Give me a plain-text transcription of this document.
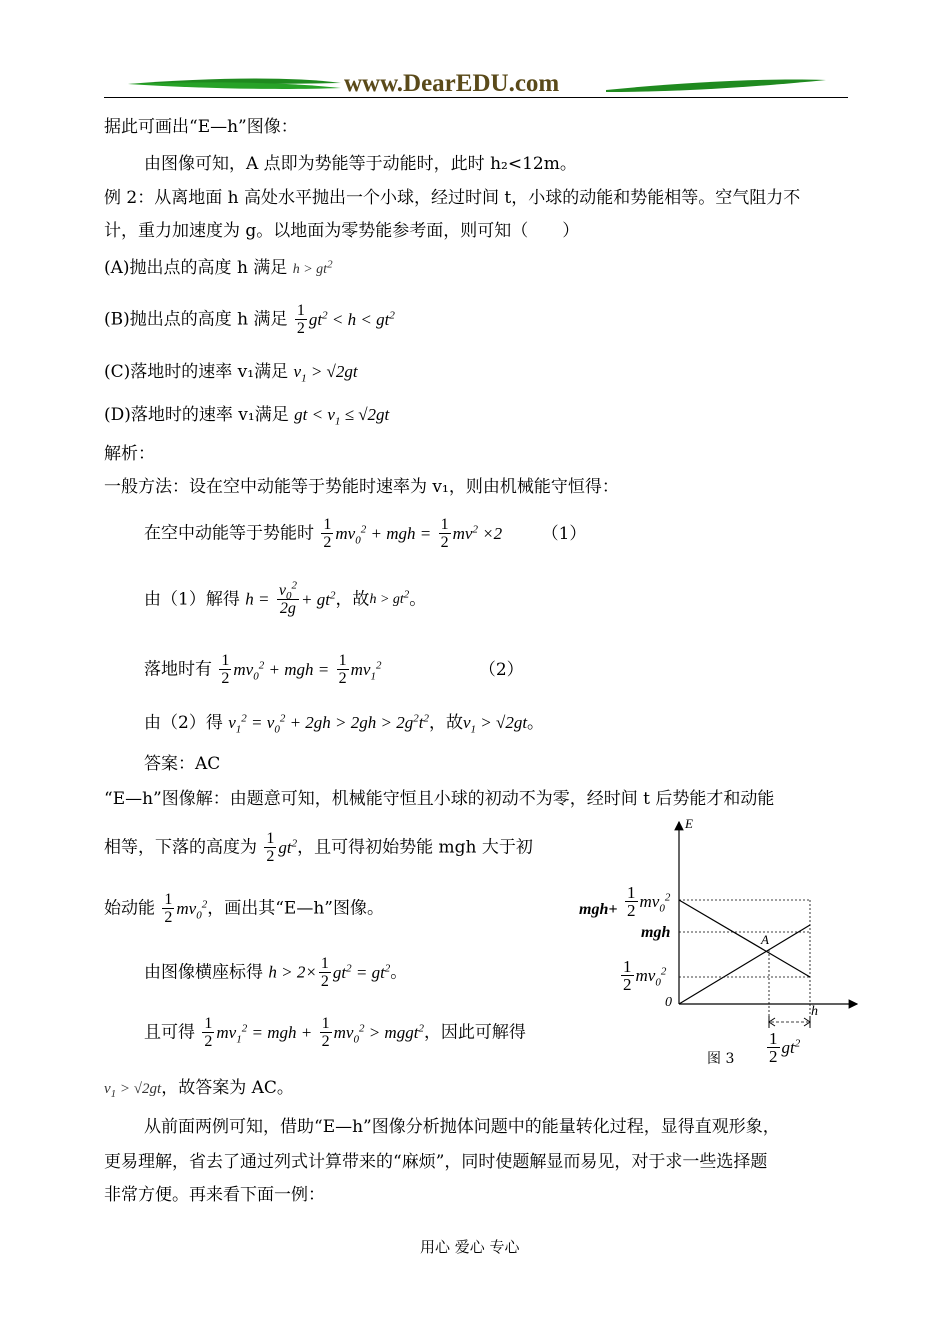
www.DearEDU.com
据此可画出“E—h”图像：
由图像可知，A 点即为势能等于动能时，此时 h₂<12m。
例 2：从离地面 h 高处水平抛出一个小球，经过时间 t，小球的动能和势能相等。空气阻力不
计，重力加速度为 g。以地面为零势能参考面，则可知（　　）
(A)抛出点的高度 h 满足 $h > gt^2$
(B)抛出点的高度 h 满足 $\frac{1}{2} gt^2 < h < gt^2$
(C)落地时的速率 v₁满足 $v_1 > √2gt$
(D)落地时的速率 v₁满足 gt < $v_1 \le √2gt$
解析：
一般方法：设在空中动能等于势能时速率为 v₁，则由机械能守恒得：
在空中动能等于势能时 $\frac{1}{2} mv_0^2$ + mgh = $\frac{1}{2} mv^2 \times 2$ （1）
由（1）解得 $h = \frac{v_0^2}{2g} + gt^2$，故$h > gt^2$。
落地时有 $\frac{1}{2} mv_0^2$ + mgh = $\frac{1}{2} mv_1^2$	（2）
由（2）得 $v_1^2 = v_0^2 + 2gh > 2gh > 2g^2t^2$，故$v_1 > √2gt$。
答案：AC
“E—h”图像解：由题意可知，机械能守恒且小球的初动不为零，经时间 t 后势能才和动能
相等，下落的高度为 $\frac{1}{2} gt^2$，且可得初始势能 mgh 大于初
始动能 $\frac{1}{2} mv_0^2$，画出其“E—h”图像。
由图像横座标得 $h > 2\times \frac{1}{2} gt^2 = gt^2$。
且可得 $\frac{1}{2} mv_1^2$ = mgh + $\frac{1}{2} mv_0^2$ > mggt$^2$，因此可解得
$v_1 > √2gt$，故答案为 AC。
从前面两例可知，借助“E—h”图像分析抛体问题中的能量转化过程，显得直观形象，
更易理解，省去了通过列式计算带来的“麻烦”，同时使题解显而易见，对于求一些选择题
非常方便。再来看下面一例：
E
h
$mgh+ \frac{1}{2} mv_0^2$
mgh	A
$\frac{1}{2} mv_0^2$
0
$\frac{1}{2} gt^2$
图 3
用心 爱心 专心
